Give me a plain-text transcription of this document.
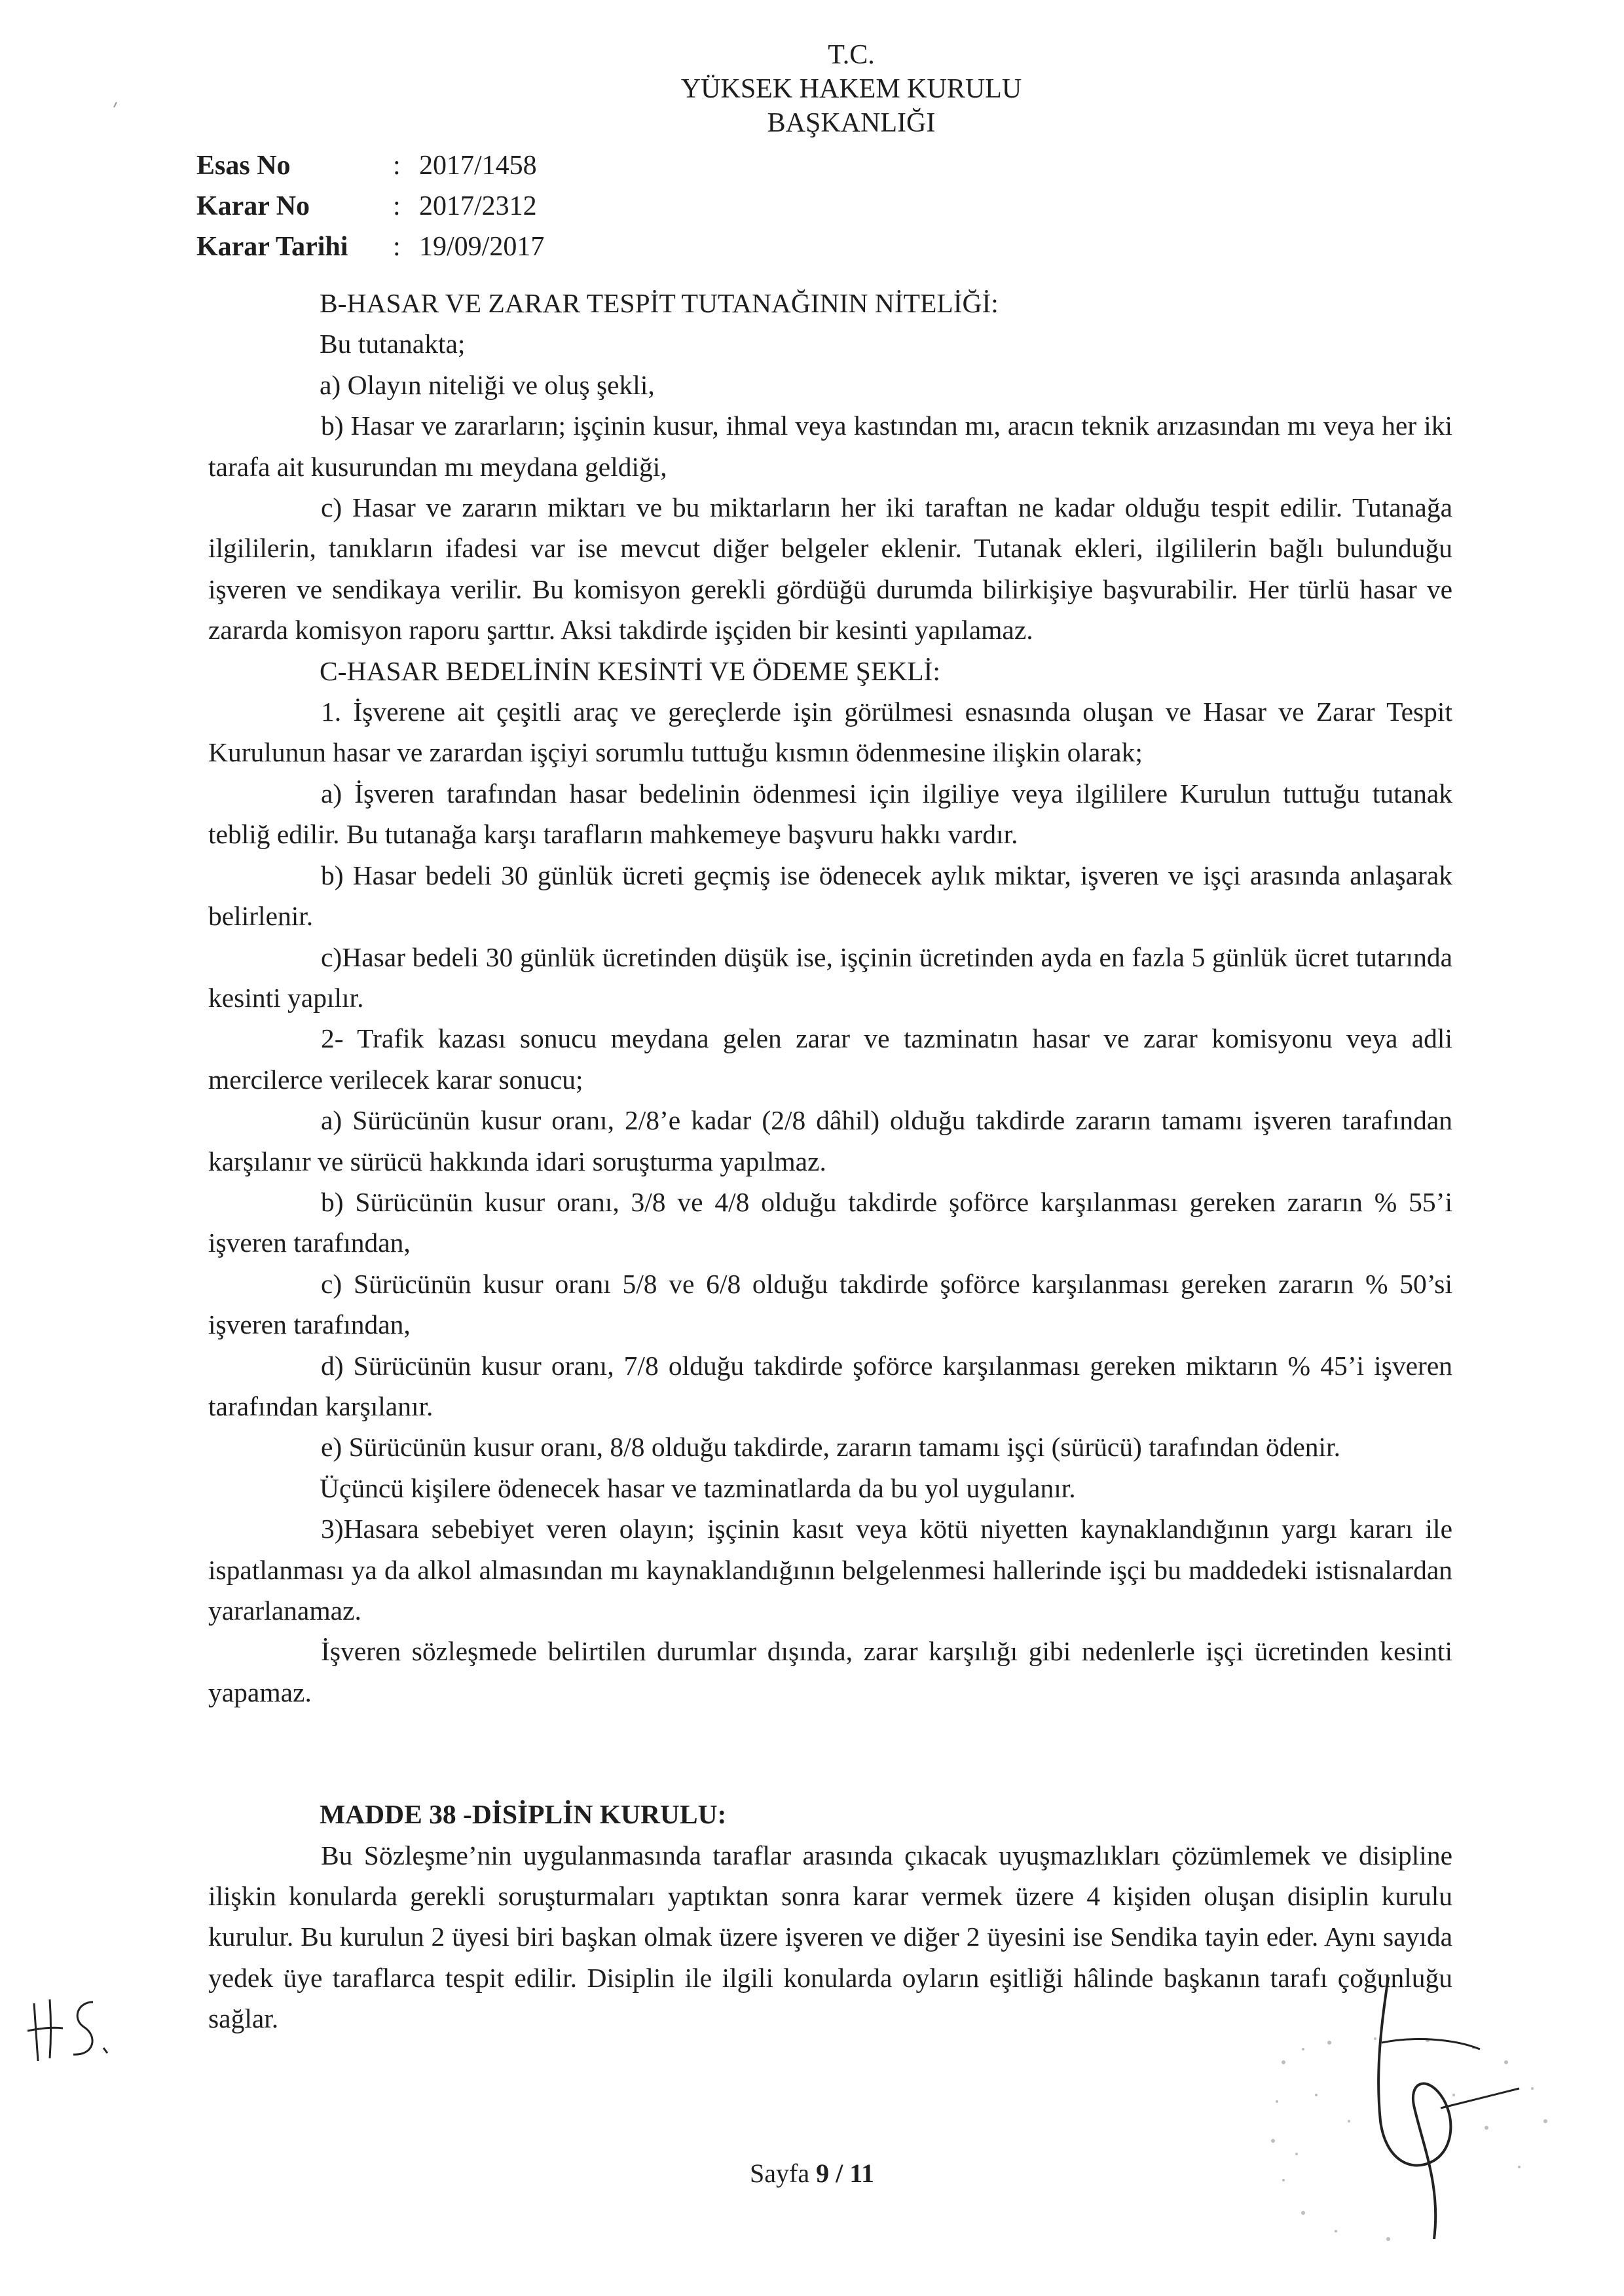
T.C.
YÜKSEK HAKEM KURULU
BAŞKANLIĞI
Esas No	: 2017/1458
Karar No	: 2017/2312
Karar Tarihi	: 19/09/2017

B-HASAR VE ZARAR TESPİT TUTANAĞININ NİTELİĞİ:

Bu tutanakta;

a) Olayın niteliği ve oluş şekli,

b) Hasar ve zararların; işçinin kusur, ihmal veya kastından mı, aracın teknik arızasından mı veya her iki tarafa ait kusurundan mı meydana geldiği,

c) Hasar ve zararın miktarı ve bu miktarların her iki taraftan ne kadar olduğu tespit edilir. Tutanağa ilgililerin, tanıkların ifadesi var ise mevcut diğer belgeler eklenir. Tutanak ekleri, ilgililerin bağlı bulunduğu işveren ve sendikaya verilir. Bu komisyon gerekli gördüğü durumda bilirkişiye başvurabilir. Her türlü hasar ve zararda komisyon raporu şarttır. Aksi takdirde işçiden bir kesinti yapılamaz.

C-HASAR BEDELİNİN KESİNTİ VE ÖDEME ŞEKLİ:

1. İşverene ait çeşitli araç ve gereçlerde işin görülmesi esnasında oluşan ve Hasar ve Zarar Tespit Kurulunun hasar ve zarardan işçiyi sorumlu tuttuğu kısmın ödenmesine ilişkin olarak;

a) İşveren tarafından hasar bedelinin ödenmesi için ilgiliye veya ilgililere Kurulun tuttuğu tutanak tebliğ edilir. Bu tutanağa karşı tarafların mahkemeye başvuru hakkı vardır.

b) Hasar bedeli 30 günlük ücreti geçmiş ise ödenecek aylık miktar, işveren ve işçi arasında anlaşarak belirlenir.

c)Hasar bedeli 30 günlük ücretinden düşük ise, işçinin ücretinden ayda en fazla 5 günlük ücret tutarında kesinti yapılır.

2- Trafik kazası sonucu meydana gelen zarar ve tazminatın hasar ve zarar komisyonu veya adli mercilerce verilecek karar sonucu;

a) Sürücünün kusur oranı, 2/8’e kadar (2/8 dâhil) olduğu takdirde zararın tamamı işveren tarafından karşılanır ve sürücü hakkında idari soruşturma yapılmaz.

b) Sürücünün kusur oranı, 3/8 ve 4/8 olduğu takdirde şoförce karşılanması gereken zararın % 55’i işveren tarafından,

c) Sürücünün kusur oranı 5/8 ve 6/8 olduğu takdirde şoförce karşılanması gereken zararın % 50’si işveren tarafından,

d) Sürücünün kusur oranı, 7/8 olduğu takdirde şoförce karşılanması gereken miktarın % 45’i işveren tarafından karşılanır.

e) Sürücünün kusur oranı, 8/8 olduğu takdirde, zararın tamamı işçi (sürücü) tarafından ödenir.

Üçüncü kişilere ödenecek hasar ve tazminatlarda da bu yol uygulanır.

3)Hasara sebebiyet veren olayın; işçinin kasıt veya kötü niyetten kaynaklandığının yargı kararı ile ispatlanması ya da alkol almasından mı kaynaklandığının belgelenmesi hallerinde işçi bu maddedeki istisnalardan yararlanamaz.

İşveren sözleşmede belirtilen durumlar dışında, zarar karşılığı gibi nedenlerle işçi ücretinden kesinti yapamaz.

MADDE 38 -DİSİPLİN KURULU:

Bu Sözleşme’nin uygulanmasında taraflar arasında çıkacak uyuşmazlıkları çözümlemek ve disipline ilişkin konularda gerekli soruşturmaları yaptıktan sonra karar vermek üzere 4 kişiden oluşan disiplin kurulu kurulur. Bu kurulun 2 üyesi biri başkan olmak üzere işveren ve diğer 2 üyesini ise Sendika tayin eder. Aynı sayıda yedek üye taraflarca tespit edilir. Disiplin ile ilgili konularda oyların eşitliği hâlinde başkanın tarafı çoğunluğu sağlar.

Sayfa 9 / 11
